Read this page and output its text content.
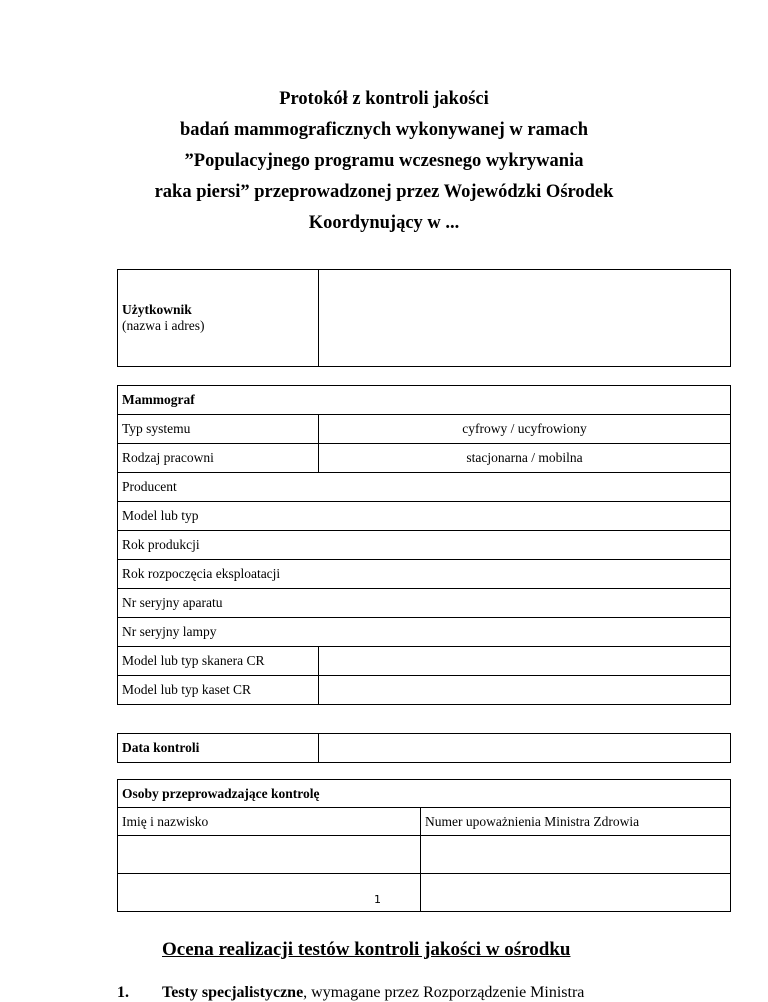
Protokół z kontroli jakości
badań mammograficznych wykonywanej w ramach
”Populacyjnego programu wczesnego wykrywania
raka piersi” przeprowadzonej przez Wojewódzki Ośrodek
Koordynujący w ...
Użytkownik
(nazwa i adres)

Mammograf	
Typ systemu	cyfrowy / ucyfrowiony
Rodzaj pracowni	stacjonarna / mobilna
Producent	
Model lub typ	
Rok produkcji	
Rok rozpoczęcia eksploatacji	
Nr seryjny aparatu	
Nr seryjny lampy	
Model lub typ skanera CR	
Model lub typ kaset CR	
Data kontroli	
Osoby przeprowadzające kontrolę	
Imię i nazwisko	Numer upoważnienia Ministra Zdrowia

1
Ocena realizacji testów kontroli jakości w ośrodku
1. Testy specjalistyczne, wymagane przez Rozporządzenie Ministra
